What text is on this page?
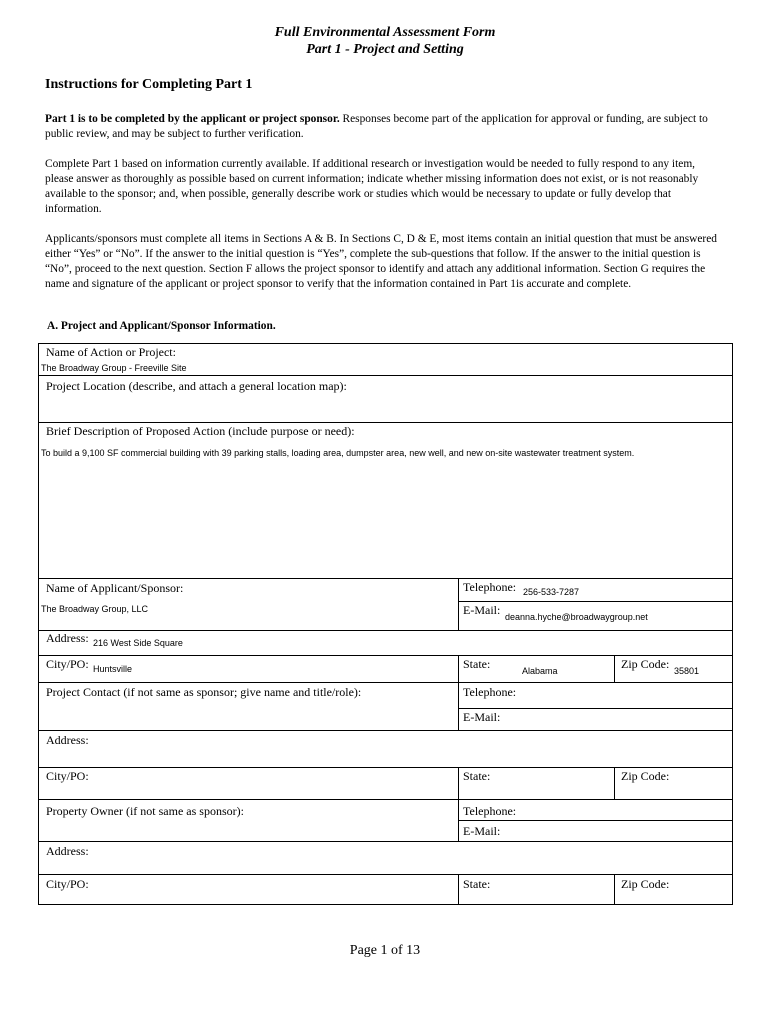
Full Environmental Assessment Form
Part 1 - Project and Setting
Instructions for Completing Part 1
Part 1 is to be completed by the applicant or project sponsor. Responses become part of the application for approval or funding, are subject to public review, and may be subject to further verification.
Complete Part 1 based on information currently available. If additional research or investigation would be needed to fully respond to any item, please answer as thoroughly as possible based on current information; indicate whether missing information does not exist, or is not reasonably available to the sponsor; and, when possible, generally describe work or studies which would be necessary to update or fully develop that information.
Applicants/sponsors must complete all items in Sections A & B. In Sections C, D & E, most items contain an initial question that must be answered either “Yes” or “No”. If the answer to the initial question is “Yes”, complete the sub-questions that follow. If the answer to the initial question is “No”, proceed to the next question. Section F allows the project sponsor to identify and attach any additional information. Section G requires the name and signature of the applicant or project sponsor to verify that the information contained in Part 1is accurate and complete.
A. Project and Applicant/Sponsor Information.
Name of Action or Project:
The Broadway Group - Freeville Site
Project Location (describe, and attach a general location map):
Brief Description of Proposed Action (include purpose or need):
To build a 9,100 SF commercial building with 39 parking stalls, loading area, dumpster area, new well, and new on-site wastewater treatment system.
Name of Applicant/Sponsor:
The Broadway Group, LLC
Telephone: 256-533-7287
E-Mail: deanna.hyche@broadwaygroup.net
Address: 216 West Side Square
City/PO: Huntsville	State:	Alabama	Zip Code: 35801
Project Contact (if not same as sponsor; give name and title/role):	Telephone:
E-Mail:
Address:
City/PO:	State:	Zip Code:
Property Owner (if not same as sponsor):	Telephone:
E-Mail:
Address:
City/PO:	State:	Zip Code:
Page 1 of 13
